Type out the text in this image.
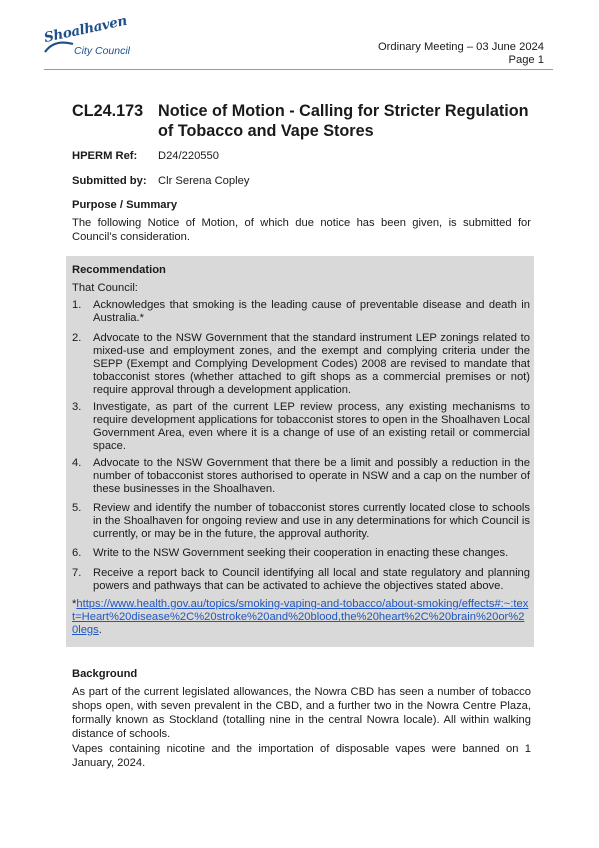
Shoalhaven
City Council	Ordinary Meeting – 03 June 2024
Page 1
CL24.173 Notice of Motion - Calling for Stricter Regulation of Tobacco and Vape Stores
HPERM Ref: D24/220550
Submitted by: Clr Serena Copley
Purpose / Summary
The following Notice of Motion, of which due notice has been given, is submitted for Council’s consideration.
Recommendation
That Council:
1. Acknowledges that smoking is the leading cause of preventable disease and death in Australia.*
2. Advocate to the NSW Government that the standard instrument LEP zonings related to mixed-use and employment zones, and the exempt and complying criteria under the SEPP (Exempt and Complying Development Codes) 2008 are revised to mandate that tobacconist stores (whether attached to gift shops as a commercial premises or not) require approval through a development application.
3. Investigate, as part of the current LEP review process, any existing mechanisms to require development applications for tobacconist stores to open in the Shoalhaven Local Government Area, even where it is a change of use of an existing retail or commercial space.
4. Advocate to the NSW Government that there be a limit and possibly a reduction in the number of tobacconist stores authorised to operate in NSW and a cap on the number of these businesses in the Shoalhaven.
5. Review and identify the number of tobacconist stores currently located close to schools in the Shoalhaven for ongoing review and use in any determinations for which Council is currently, or may be in the future, the approval authority.
6. Write to the NSW Government seeking their cooperation in enacting these changes.
7. Receive a report back to Council identifying all local and state regulatory and planning powers and pathways that can be activated to achieve the objectives stated above.
*https://www.health.gov.au/topics/smoking-vaping-and-tobacco/about-smoking/effects#:~:text=Heart%20disease%2C%20stroke%20and%20blood,the%20heart%2C%20brain%20or%20legs.
Background
As part of the current legislated allowances, the Nowra CBD has seen a number of tobacco shops open, with seven prevalent in the CBD, and a further two in the Nowra Centre Plaza, formally known as Stockland (totalling nine in the central Nowra locale). All within walking distance of schools.
Vapes containing nicotine and the importation of disposable vapes were banned on 1 January, 2024.
